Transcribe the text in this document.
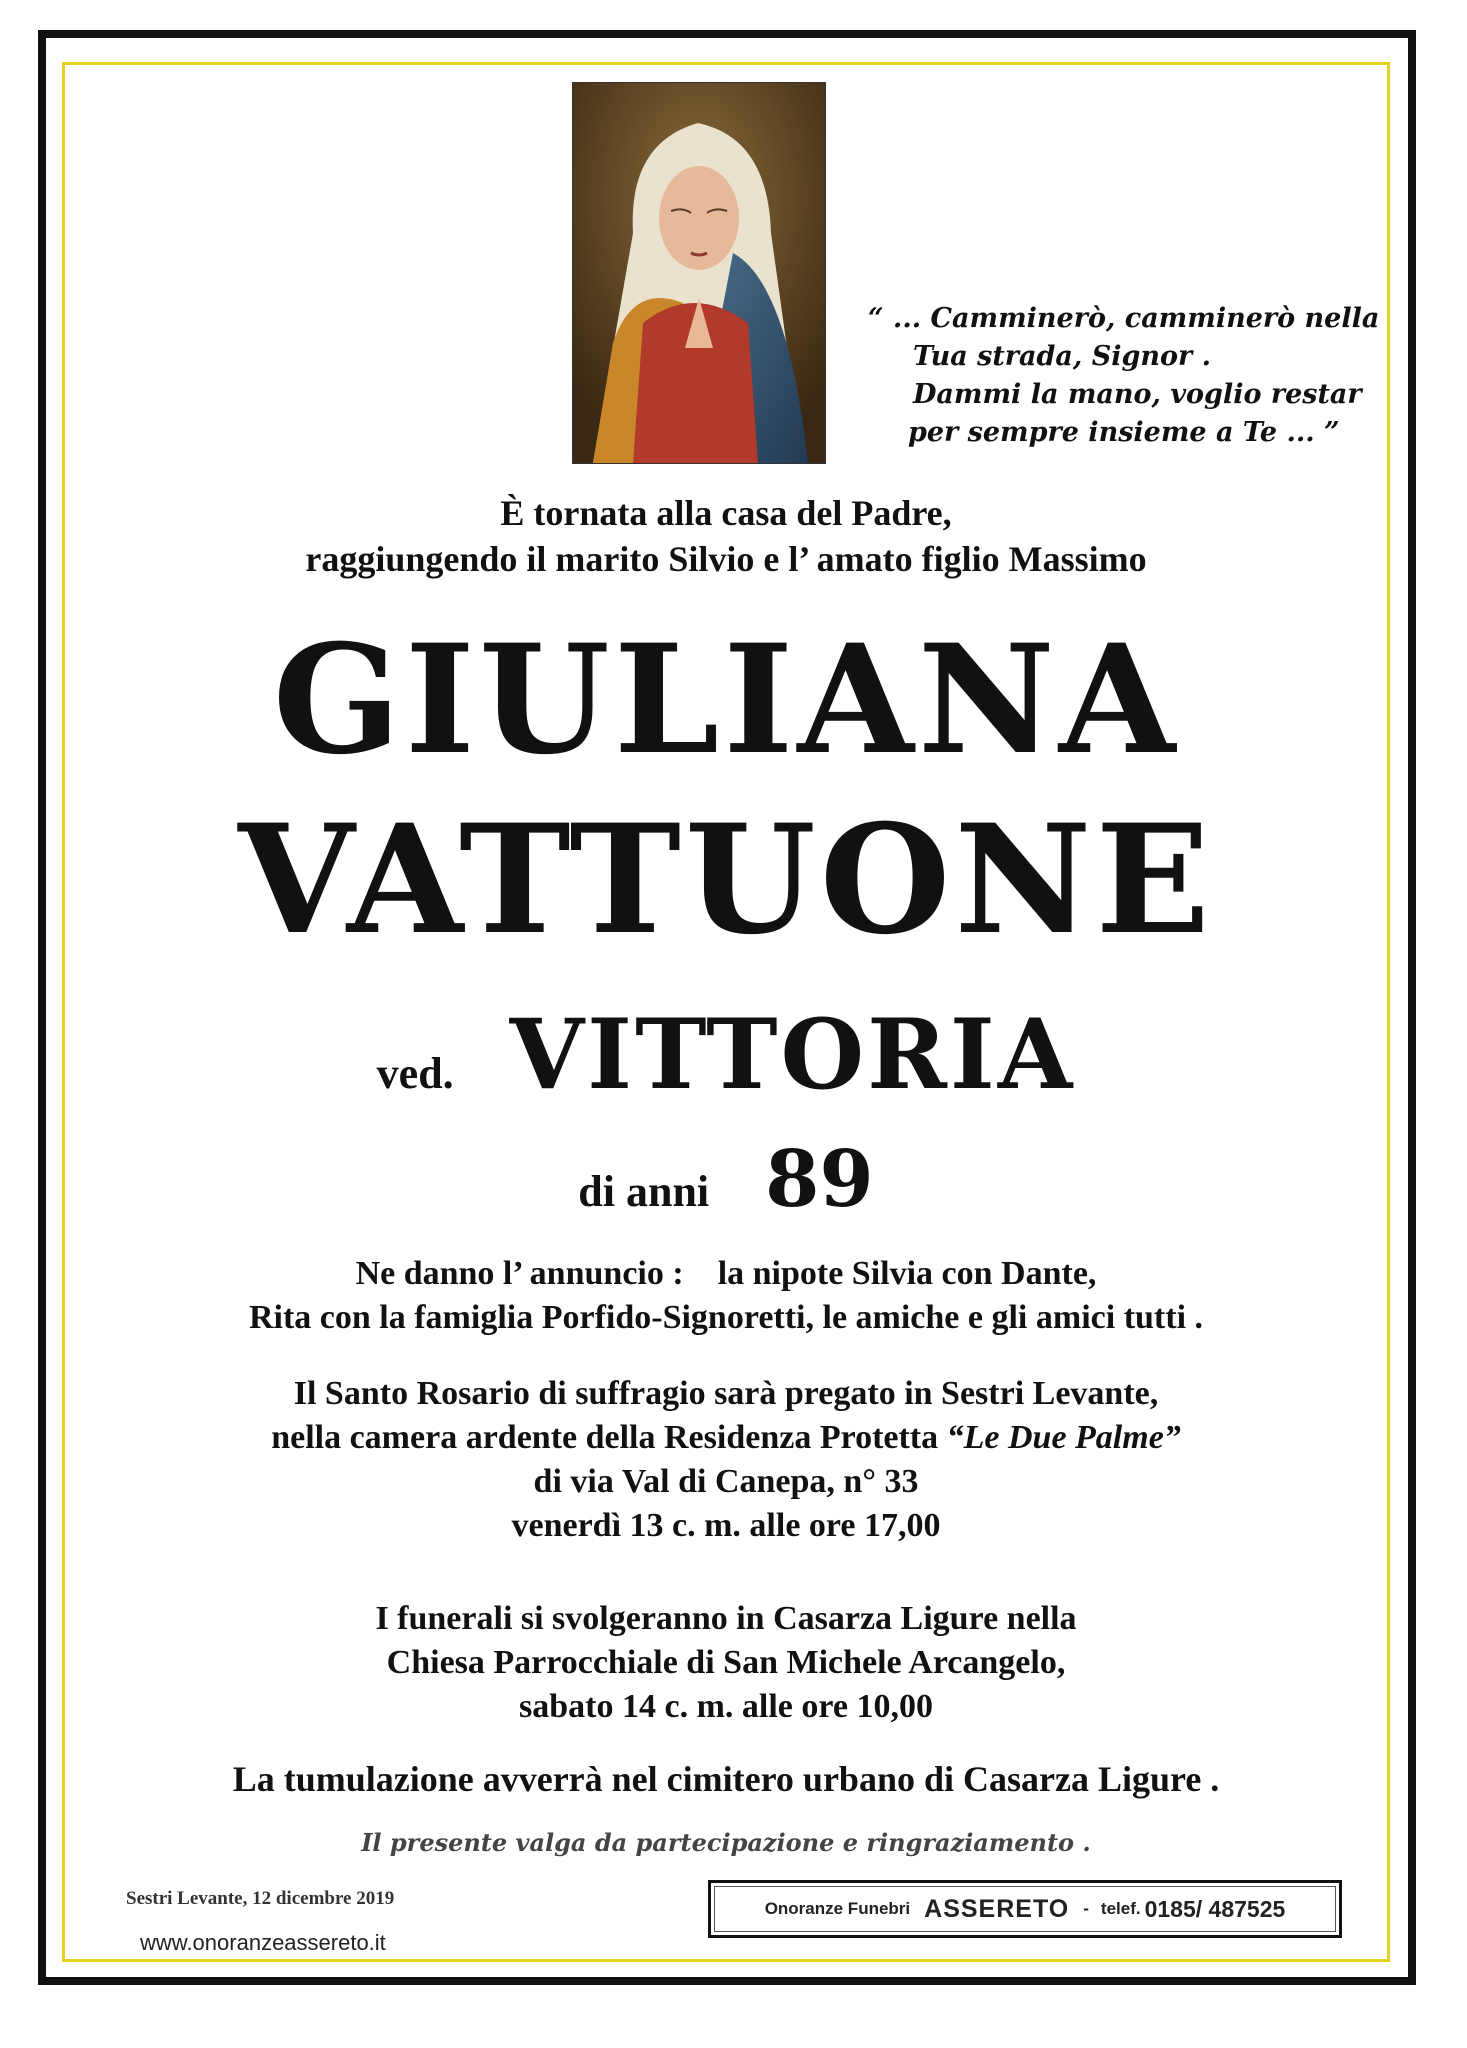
“ ... Camminerò, camminerò nella
Tua strada, Signor .
Dammi la mano, voglio restar
per sempre insieme a Te ... ”
È tornata alla casa del Padre,
raggiungendo il marito Silvio e l’ amato figlio Massimo
GIULIANA
VATTUONE
ved. VITTORIA
di anni 89
Ne danno l’ annuncio : la nipote Silvia con Dante,
Rita con la famiglia Porfido-Signoretti, le amiche e gli amici tutti .
Il Santo Rosario di suffragio sarà pregato in Sestri Levante,
nella camera ardente della Residenza Protetta “Le Due Palme”
di via Val di Canepa, n° 33
venerdì 13 c. m. alle ore 17,00
I funerali si svolgeranno in Casarza Ligure nella
Chiesa Parrocchiale di San Michele Arcangelo,
sabato 14 c. m. alle ore 10,00
La tumulazione avverrà nel cimitero urbano di Casarza Ligure .
Il presente valga da partecipazione e ringraziamento .
Sestri Levante, 12 dicembre 2019
www.onoranzeassereto.it
Onoranze Funebri ASSERETO - telef. 0185/ 487525
